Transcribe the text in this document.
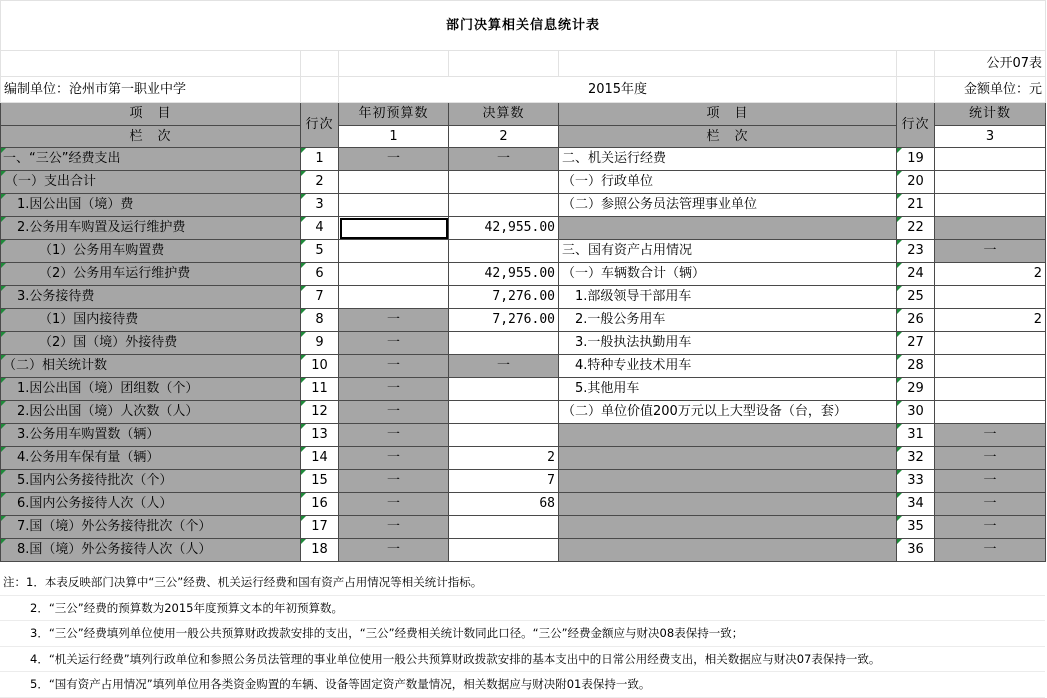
部门决算相关信息统计表						
						公开07表
编制单位：沧州市第一职业中学		2015年度				金额单位：元
项　目	行次	年初预算数	决算数	项　目	行次	统计数
栏　次		1	2	栏　次		3
一、“三公”经费支出	1	一	一	二、机关运行经费	19	
（一）支出合计	2			（一）行政单位	20	
1.因公出国（境）费	3			（二）参照公务员法管理事业单位	21	
2.公务用车购置及运行维护费	4		42,955.00		22	
（1）公务用车购置费	5			三、国有资产占用情况	23	一
（2）公务用车运行维护费	6		42,955.00	（一）车辆数合计（辆）	24	2
3.公务接待费	7		7,276.00	1.部级领导干部用车	25	
（1）国内接待费	8	一	7,276.00	2.一般公务用车	26	2
（2）国（境）外接待费	9	一		3.一般执法执勤用车	27	
（二）相关统计数	10	一	一	4.特种专业技术用车	28	
1.因公出国（境）团组数（个）	11	一		5.其他用车	29	
2.因公出国（境）人次数（人）	12	一		（二）单位价值200万元以上大型设备（台，套）	30	
3.公务用车购置数（辆）	13	一			31	一
4.公务用车保有量（辆）	14	一	2		32	一
5.国内公务接待批次（个）	15	一	7		33	一
6.国内公务接待人次（人）	16	一	68		34	一
7.国（境）外公务接待批次（个）	17	一			35	一
8.国（境）外公务接待人次（人）	18	一			36	一
注：1．本表反映部门决算中“三公”经费、机关运行经费和国有资产占用情况等相关统计指标。
2．“三公”经费的预算数为2015年度预算文本的年初预算数。
3．“三公”经费填列单位使用一般公共预算财政拨款安排的支出，“三公”经费相关统计数同此口径。“三公”经费金额应与财决08表保持一致；
4．“机关运行经费”填列行政单位和参照公务员法管理的事业单位使用一般公共预算财政拨款安排的基本支出中的日常公用经费支出，相关数据应与财决07表保持一致。
5．“国有资产占用情况”填列单位用各类资金购置的车辆、设备等固定资产数量情况，相关数据应与财决附01表保持一致。
